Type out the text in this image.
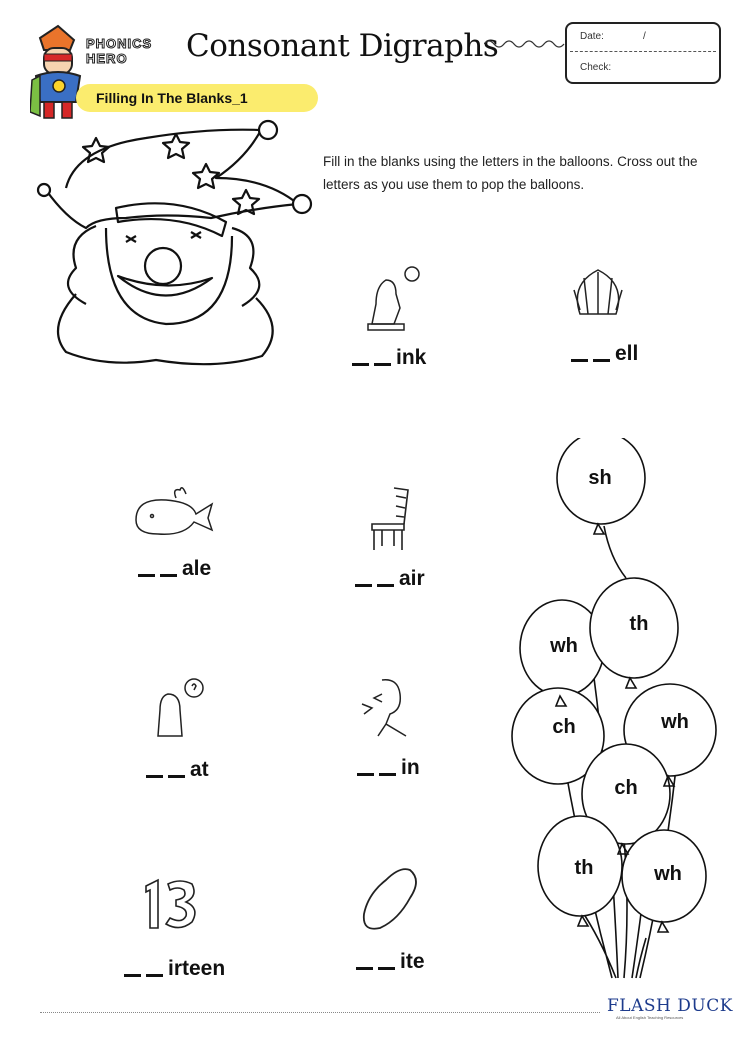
PHONICS
HERO Consonant Digraphs	Date:	/
Check:
Filling In The Blanks_1
Fill in the blanks using the letters in the balloons. Cross out the letters as you use them to pop the balloons.
ink	ell
ale	air
at	in
irteen	ite
sh
th
wh
ch	wh
ch
th	wh
FLASH DUCK
All About English Teaching Resources
